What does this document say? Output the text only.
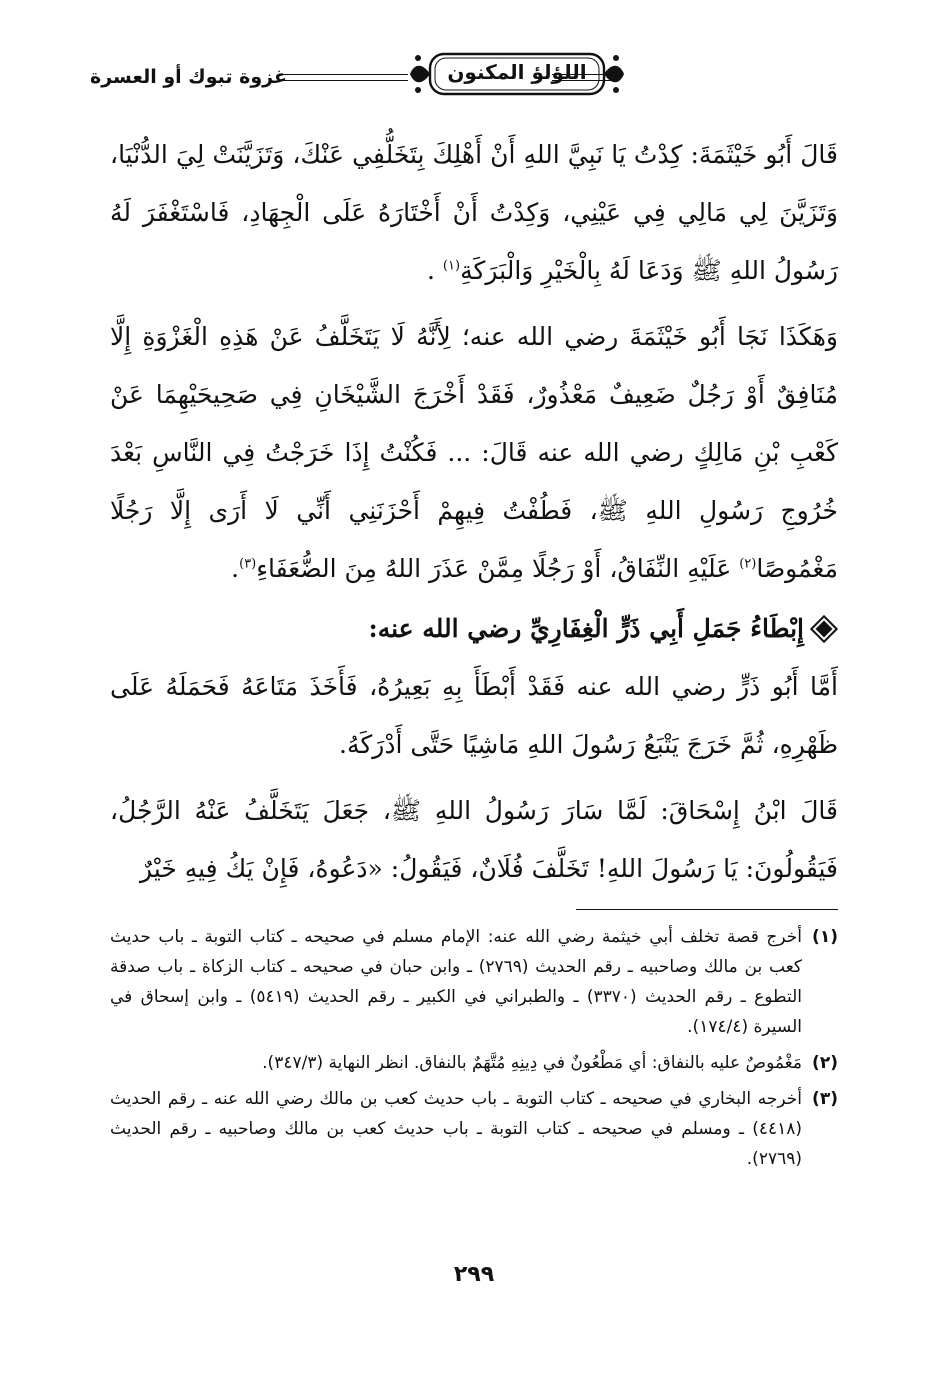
اللؤلؤ المكنون
غزوة تبوك أو العسرة

قَالَ أَبُو خَيْثَمَةَ: كِدْتُ يَا نَبِيَّ اللهِ أَنْ أَهْلِكَ بِتَخَلُّفِي عَنْكَ، وَتَزَيَّنَتْ لِيَ الدُّنْيَا، وَتَزَيَّنَ لِي مَالِي فِي عَيْنِي، وَكِدْتُ أَنْ أَخْتَارَهُ عَلَى الْجِهَادِ، فَاسْتَغْفَرَ لَهُ رَسُولُ اللهِ ﷺ وَدَعَا لَهُ بِالْخَيْرِ وَالْبَرَكَةِ$^{(١)}$ .

وَهَكَذَا نَجَا أَبُو خَيْثَمَةَ رضي الله عنه؛ لِأَنَّهُ لَا يَتَخَلَّفُ عَنْ هَذِهِ الْغَزْوَةِ إِلَّا مُنَافِقٌ أَوْ رَجُلٌ ضَعِيفٌ مَعْذُورٌ، فَقَدْ أَخْرَجَ الشَّيْخَانِ فِي صَحِيحَيْهِمَا عَنْ كَعْبِ بْنِ مَالِكٍ رضي الله عنه قَالَ: ... فَكُنْتُ إِذَا خَرَجْتُ فِي النَّاسِ بَعْدَ خُرُوجِ رَسُولِ اللهِ ﷺ، فَطُفْتُ فِيهِمْ أَحْزَنَنِي أَنِّي لَا أَرَى إِلَّا رَجُلًا مَغْمُوصًا$^{(٢)}$ عَلَيْهِ النِّفَاقُ، أَوْ رَجُلًا مِمَّنْ عَذَرَ اللهُ مِنَ الضُّعَفَاءِ$^{(٣)}$.

إِبْطَاءُ جَمَلِ أَبِي ذَرٍّ الْغِفَارِيِّ رضي الله عنه:

أَمَّا أَبُو ذَرٍّ رضي الله عنه فَقَدْ أَبْطَأَ بِهِ بَعِيرُهُ، فَأَخَذَ مَتَاعَهُ فَحَمَلَهُ عَلَى ظَهْرِهِ، ثُمَّ خَرَجَ يَتْبَعُ رَسُولَ اللهِ مَاشِيًا حَتَّى أَدْرَكَهُ.

قَالَ ابْنُ إِسْحَاقَ: لَمَّا سَارَ رَسُولُ اللهِ ﷺ، جَعَلَ يَتَخَلَّفُ عَنْهُ الرَّجُلُ، فَيَقُولُونَ: يَا رَسُولَ اللهِ! تَخَلَّفَ فُلَانٌ، فَيَقُولُ: «دَعُوهُ، فَإِنْ يَكُ فِيهِ خَيْرٌ

(١)
أخرج قصة تخلف أبي خيثمة رضي الله عنه: الإمام مسلم في صحيحه ـ كتاب التوبة ـ باب حديث كعب بن مالك وصاحبيه ـ رقم الحديث (٢٧٦٩) ـ وابن حبان في صحيحه ـ كتاب الزكاة ـ باب صدقة التطوع ـ رقم الحديث (٣٣٧٠) ـ والطبراني في الكبير ـ رقم الحديث (٥٤١٩) ـ وابن إسحاق في السيرة (١٧٤/٤).
(٢)
مَغْمُوصٌ عليه بالنفاق: أي مَطْعُونٌ في دِينِهِ مُتَّهَمٌ بالنفاق. انظر النهاية (٣٤٧/٣).
(٣)
أخرجه البخاري في صحيحه ـ كتاب التوبة ـ باب حديث كعب بن مالك رضي الله عنه ـ رقم الحديث (٤٤١٨) ـ ومسلم في صحيحه ـ كتاب التوبة ـ باب حديث كعب بن مالك وصاحبيه ـ رقم الحديث (٢٧٦٩).
٢٩٩
